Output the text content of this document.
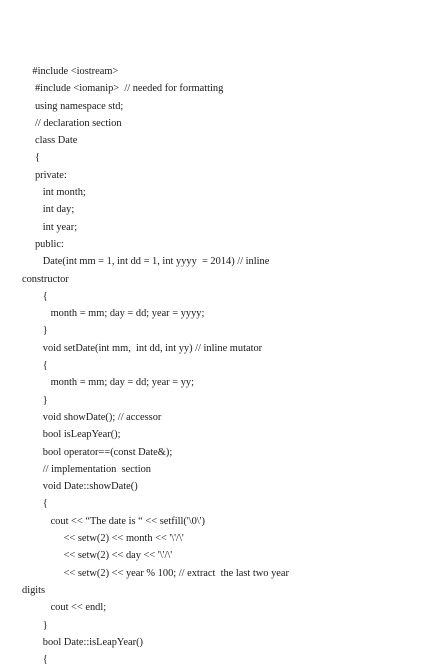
#include <iostream>
#include <iomanip>  // needed for formatting
using namespace std;
// declaration section
class Date
{
private:
int month;
int day;
int year;
public:
Date(int mm = 1, int dd = 1, int yyyy  = 2014) // inline
constructor
{
month = mm; day = dd; year = yyyy;
}
void setDate(int mm,  int dd, int yy) // inline mutator
{
month = mm; day = dd; year = yy;
}
void showDate(); // accessor
bool isLeapYear();
bool operator==(const Date&);
// implementation  section
void Date::showDate()
{
cout << “The date is “ << setfill('\0\')
<< setw(2) << month << '\'/\'
<< setw(2) << day << '\'/\'
<< setw(2) << year % 100; // extract  the last two year
digits
cout << endl;
}
bool Date::isLeapYear()
{
